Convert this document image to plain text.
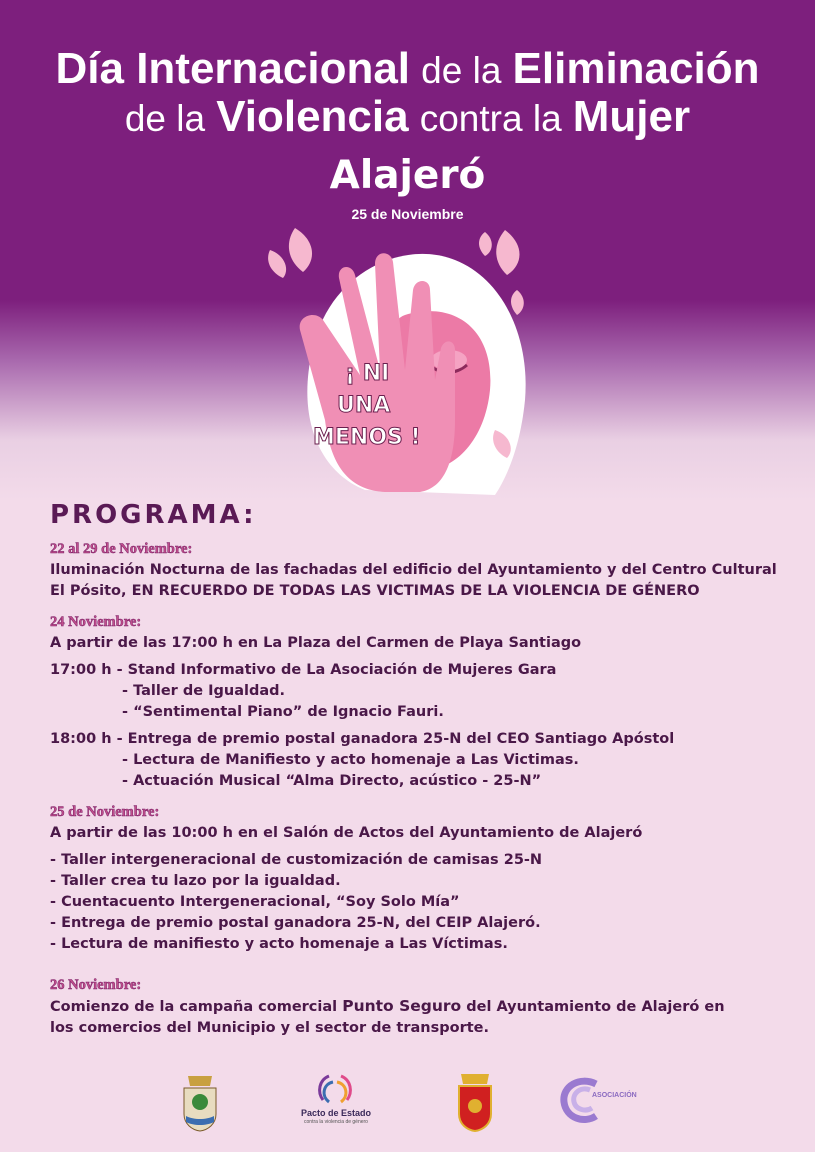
Día Internacional de la Eliminación
de la Violencia contra la Mujer
Alajeró
25 de Noviembre
¡ NI
UNA
MENOS !
PROGRAMA:
22 al 29 de Noviembre:
Iluminación Nocturna de las fachadas del edificio del Ayuntamiento y del Centro Cultural
El Pósito, EN RECUERDO DE TODAS LAS VICTIMAS DE LA VIOLENCIA DE GÉNERO
24 Noviembre:
A partir de las 17:00 h en La Plaza del Carmen de Playa Santiago
17:00 h - Stand Informativo de La Asociación de Mujeres Gara
- Taller de Igualdad.
- “Sentimental Piano” de Ignacio Fauri.
18:00 h - Entrega de premio postal ganadora 25-N del CEO Santiago Apóstol
- Lectura de Manifiesto y acto homenaje a Las Victimas.
- Actuación Musical “Alma Directo, acústico - 25-N”
25 de Noviembre:
A partir de las 10:00 h en el Salón de Actos del Ayuntamiento de Alajeró
- Taller intergeneracional de customización de camisas 25-N
- Taller crea tu lazo por la igualdad.
- Cuentacuento Intergeneracional, “Soy Solo Mía”
- Entrega de premio postal ganadora 25-N, del CEIP Alajeró.
- Lectura de manifiesto y acto homenaje a Las Víctimas.
26 Noviembre:
Comienzo de la campaña comercial Punto Seguro del Ayuntamiento de Alajeró en
los comercios del Municipio y el sector de transporte.
Pacto de Estado
contra la violencia de género
ASOCIACIÓN
